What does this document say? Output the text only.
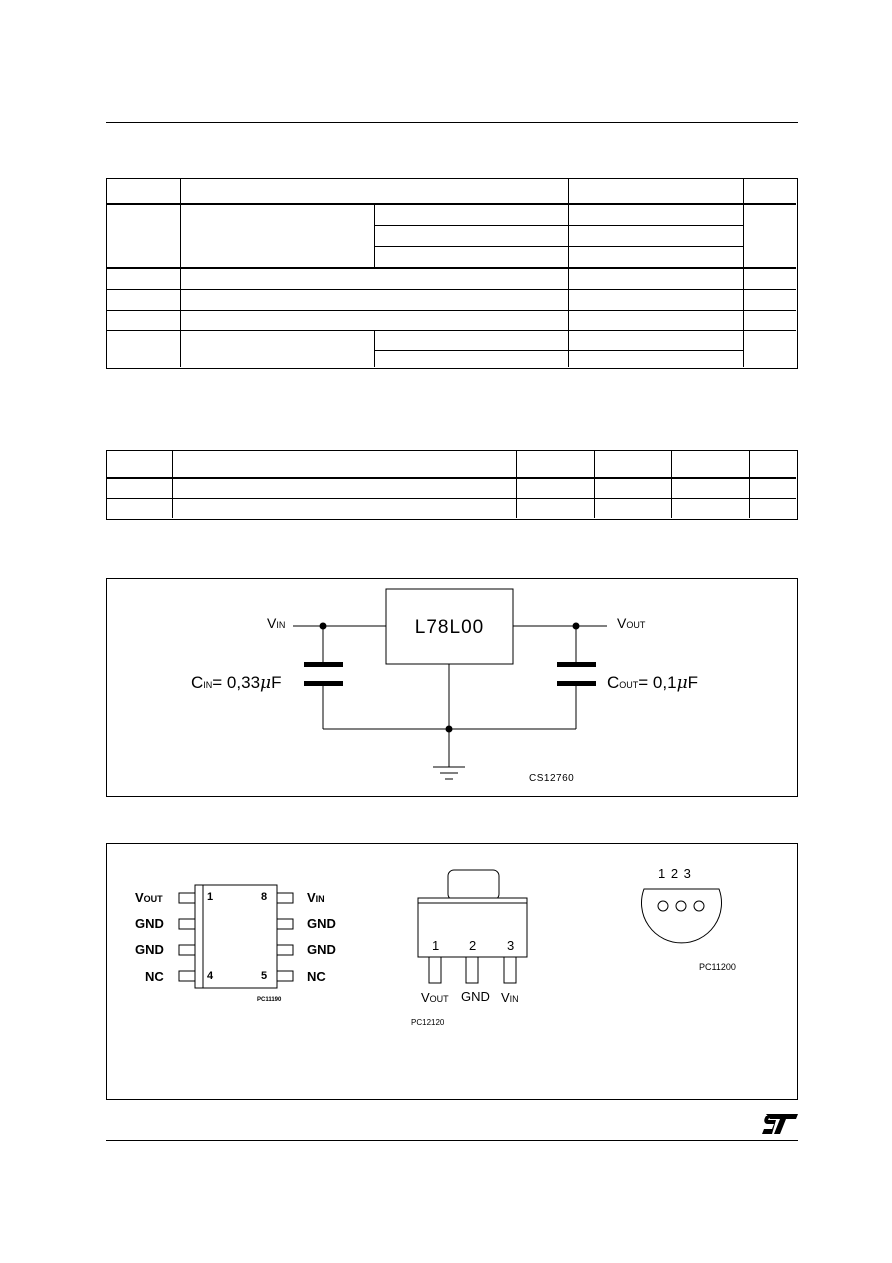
VIN	VOUT
L78L00
CIN= 0,33μF	COUT= 0,1μF
CS12760
VOUT
GND
GND
NC
VIN
GND
GND
NC
1
4
8
5
PC11190
1 2 3
VOUT GND VIN
PC12120
1 2 3
PC11200
ST
